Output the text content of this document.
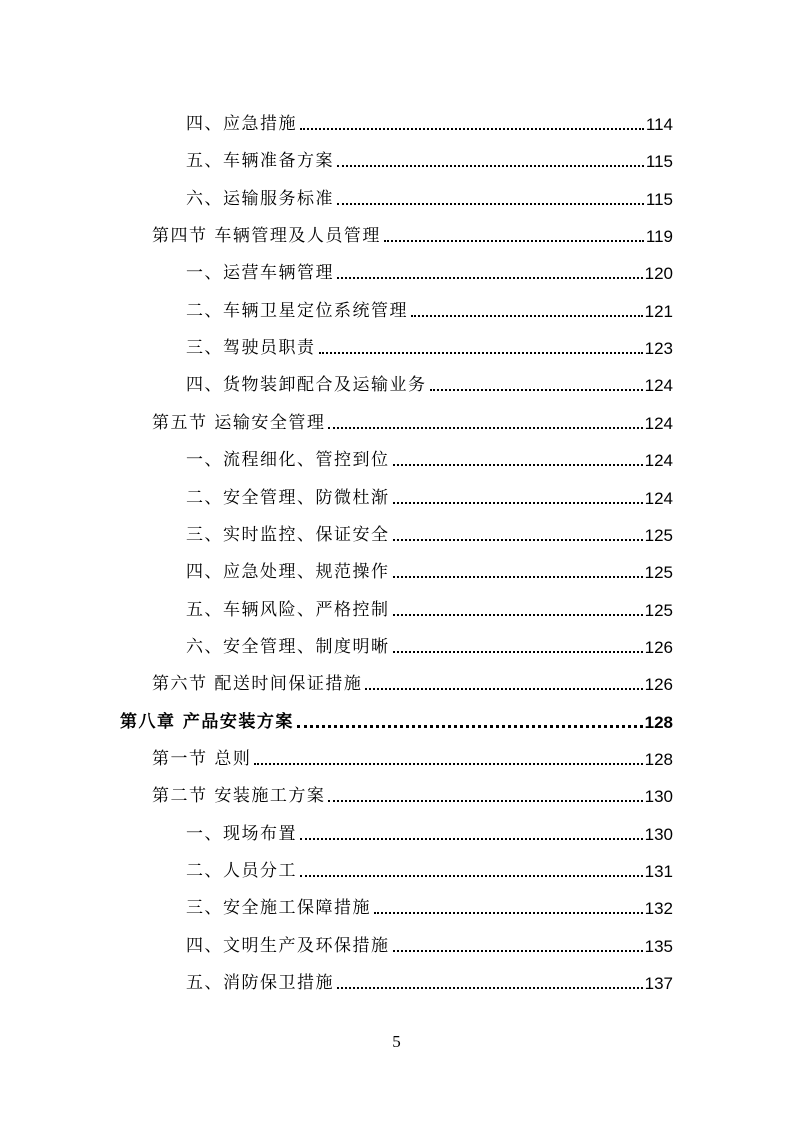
四、应急措施	114
五、车辆准备方案	115
六、运输服务标准	115
第四节 车辆管理及人员管理	119
一、运营车辆管理	120
二、车辆卫星定位系统管理	121
三、驾驶员职责	123
四、货物装卸配合及运输业务	124
第五节 运输安全管理	124
一、流程细化、管控到位	124
二、安全管理、防微杜渐	124
三、实时监控、保证安全	125
四、应急处理、规范操作	125
五、车辆风险、严格控制	125
六、安全管理、制度明晰	126
第六节 配送时间保证措施	126
第八章 产品安装方案	128
第一节 总则	128
第二节 安装施工方案	130
一、现场布置	130
二、人员分工	131
三、安全施工保障措施	132
四、文明生产及环保措施	135
五、消防保卫措施	137
5
